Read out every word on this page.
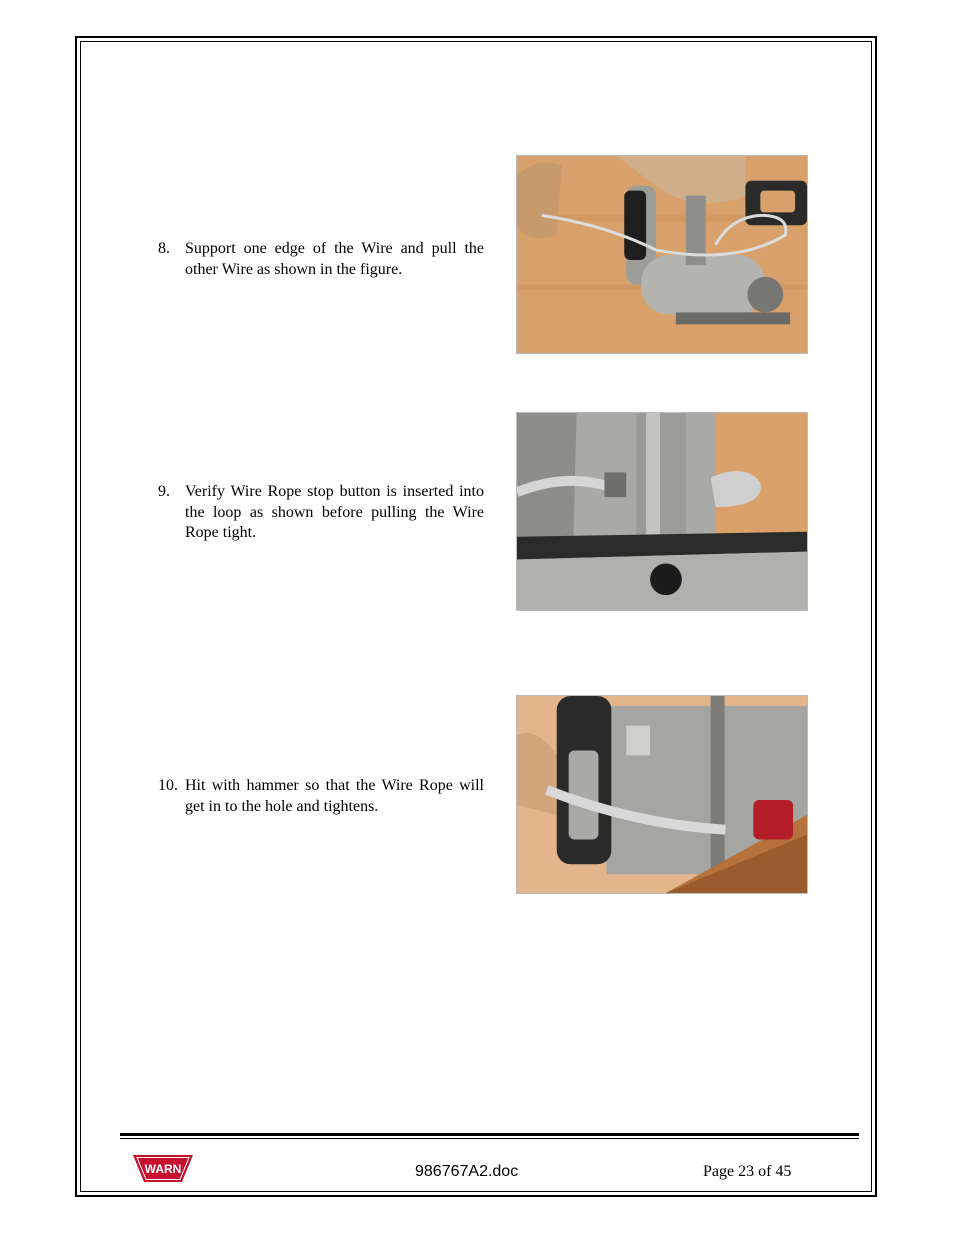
8. Support one edge of the Wire and pull the other Wire as shown in the figure.
9. Verify Wire Rope stop button is inserted into the loop as shown before pulling the Wire Rope tight.
10. Hit with hammer so that the Wire Rope will get in to the hole and tightens.
WARN	986767A2.doc	Page 23 of 45
